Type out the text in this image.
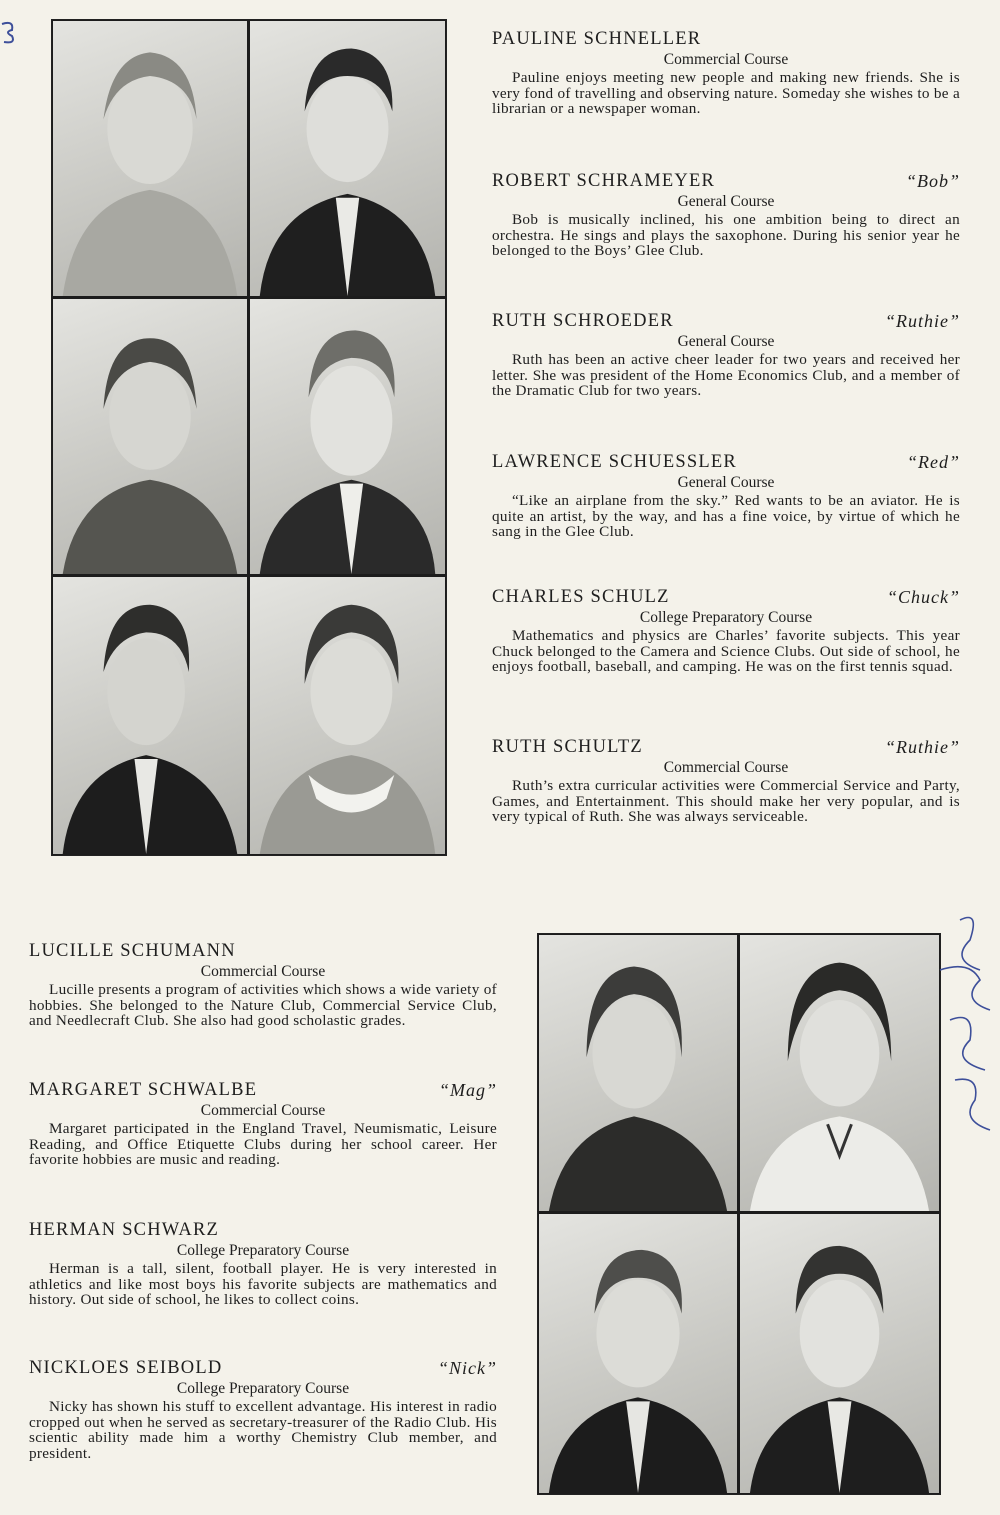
PAULINE SCHNELLER
Commercial Course
Pauline enjoys meeting new people and making new friends. She is very fond of travelling and observing nature. Someday she wishes to be a librarian or a newspaper woman.
ROBERT SCHRAMEYER	“Bob”
General Course
Bob is musically inclined, his one ambition being to direct an orchestra. He sings and plays the saxophone. During his senior year he belonged to the Boys’ Glee Club.
RUTH SCHROEDER	“Ruthie”
General Course
Ruth has been an active cheer leader for two years and received her letter. She was president of the Home Economics Club, and a member of the Dramatic Club for two years.
LAWRENCE SCHUESSLER	“Red”
General Course
“Like an airplane from the sky.” Red wants to be an aviator. He is quite an artist, by the way, and has a fine voice, by virtue of which he sang in the Glee Club.
CHARLES SCHULZ	“Chuck”
College Preparatory Course
Mathematics and physics are Charles’ favorite subjects. This year Chuck belonged to the Camera and Science Clubs. Out side of school, he enjoys football, baseball, and camping. He was on the first tennis squad.
RUTH SCHULTZ	“Ruthie”
Commercial Course
Ruth’s extra curricular activities were Commercial Service and Party, Games, and Entertainment. This should make her very popular, and is very typical of Ruth. She was always serviceable.
LUCILLE SCHUMANN
Commercial Course
Lucille presents a program of activities which shows a wide variety of hobbies. She belonged to the Nature Club, Commercial Service Club, and Needlecraft Club. She also had good scholastic grades.
MARGARET SCHWALBE	“Mag”
Commercial Course
Margaret participated in the England Travel, Neumismatic, Leisure Reading, and Office Etiquette Clubs during her school career. Her favorite hobbies are music and reading.
HERMAN SCHWARZ
College Preparatory Course
Herman is a tall, silent, football player. He is very interested in athletics and like most boys his favorite subjects are mathematics and history. Out side of school, he likes to collect coins.
NICKLOES SEIBOLD	“Nick”
College Preparatory Course
Nicky has shown his stuff to excellent advantage. His interest in radio cropped out when he served as secretary-treasurer of the Radio Club. His scientic ability made him a worthy Chemistry Club member, and president.
